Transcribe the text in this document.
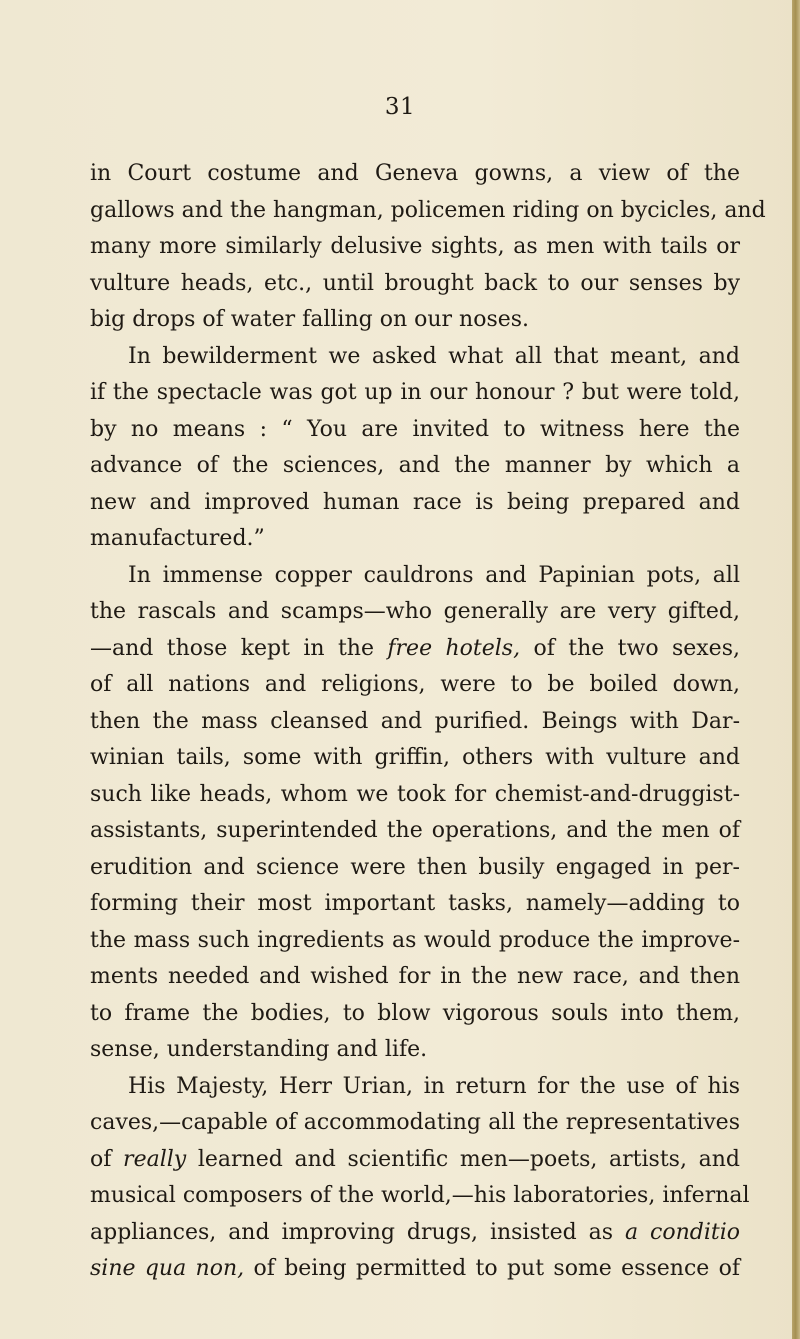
31

in Court costume and Geneva gowns, a view of the
gallows and the hangman, policemen riding on bycicles, and
many more similarly delusive sights, as men with tails or
vulture heads, etc., until brought back to our senses by
big drops of water falling on our noses.

In bewilderment we asked what all that meant, and
if the spectacle was got up in our honour ? but were told,
by no means : “ You are invited to witness here the
advance of the sciences, and the manner by which a
new and improved human race is being prepared and
manufactured.”

In immense copper cauldrons and Papinian pots, all
the rascals and scamps—who generally are very gifted,
—and those kept in the free hotels, of the two sexes,
of all nations and religions, were to be boiled down,
then the mass cleansed and purified. Beings with Dar-
winian tails, some with griffin, others with vulture and
such like heads, whom we took for chemist-and-druggist-
assistants, superintended the operations, and the men of
erudition and science were then busily engaged in per-
forming their most important tasks, namely—adding to
the mass such ingredients as would produce the improve-
ments needed and wished for in the new race, and then
to frame the bodies, to blow vigorous souls into them,
sense, understanding and life.

His Majesty, Herr Urian, in return for the use of his
caves,—capable of accommodating all the representatives
of really learned and scientific men—poets, artists, and
musical composers of the world,—his laboratories, infernal
appliances, and improving drugs, insisted as a conditio
sine qua non, of being permitted to put some essence of
